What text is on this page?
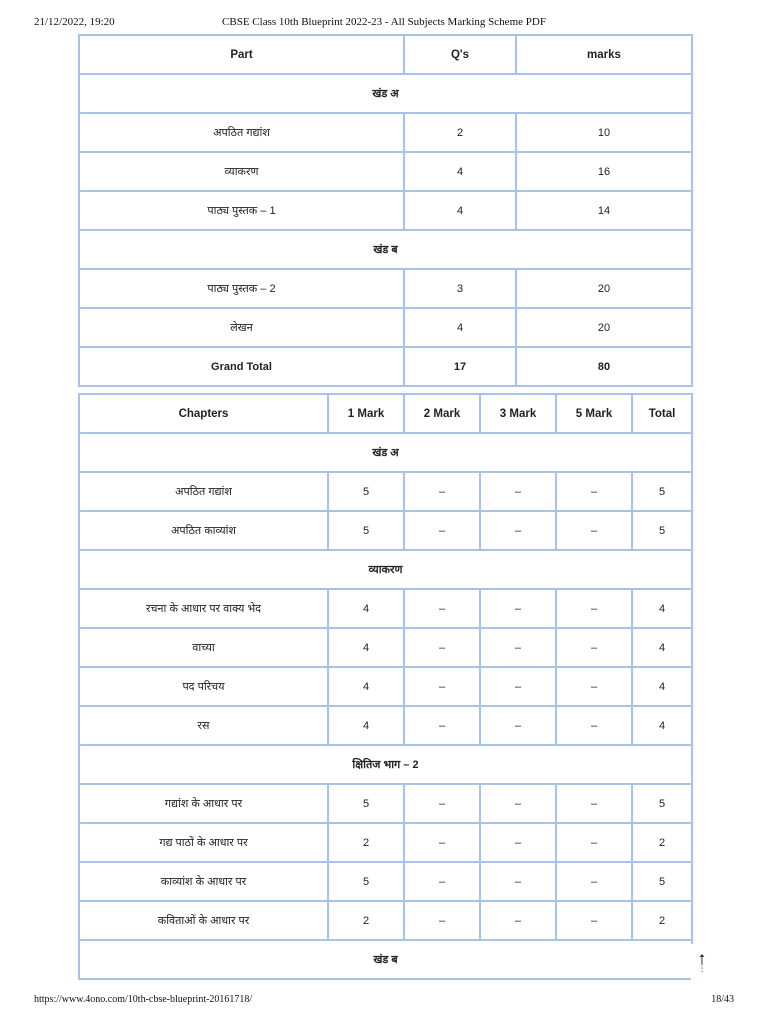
21/12/2022, 19:20	CBSE Class 10th Blueprint 2022-23 - All Subjects Marking Scheme PDF
Part	Q's	marks
खंड अ		
अपठित गद्यांश	2	10
व्याकरण	4	16
पाठ्य पुस्तक – 1	4	14
खंड ब		
पाठ्य पुस्तक – 2	3	20
लेखन	4	20
Grand Total	17	80
Chapters	1 Mark	2 Mark	3 Mark	5 Mark	Total
खंड अ					
अपठित गद्यांश	5	–	–	–	5
अपठित काव्यांश	5	–	–	–	5
व्याकरण					
रचना के आधार पर वाक्य भेद	4	–	–	–	4
वाच्या	4	–	–	–	4
पद परिचय	4	–	–	–	4
रस	4	–	–	–	4
क्षितिज भाग – 2					
गद्यांश के आधार पर	5	–	–	–	5
गद्य पाठों के आधार पर	2	–	–	–	2
काव्यांश के आधार पर	5	–	–	–	5
कविताओं के आधार पर	2	–	–	–	2
खंड ब						⭡
⋮
https://www.4ono.com/10th-cbse-blueprint-20161718/	18/43
